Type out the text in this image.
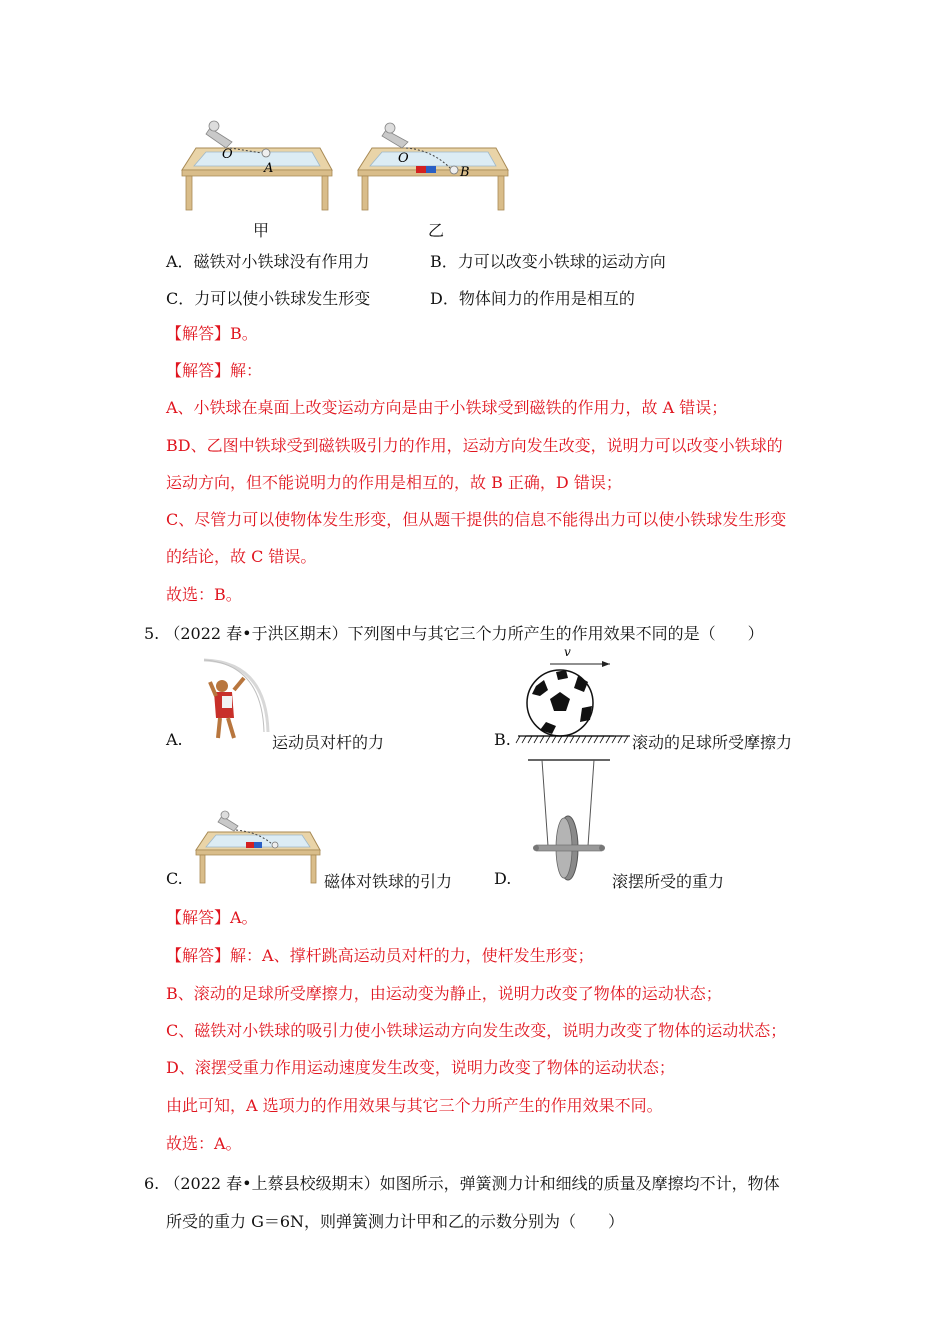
O
A
甲
O
B
乙
A．磁铁对小铁球没有作用力	B．力可以改变小铁球的运动方向
C．力可以使小铁球发生形变	D．物体间力的作用是相互的
【解答】B。
【解答】解：
A、小铁球在桌面上改变运动方向是由于小铁球受到磁铁的作用力，故 A 错误；
BD、乙图中铁球受到磁铁吸引力的作用，运动方向发生改变，说明力可以改变小铁球的
运动方向，但不能说明力的作用是相互的，故 B 正确，D 错误；
C、尽管力可以使物体发生形变，但从题干提供的信息不能得出力可以使小铁球发生形变
的结论，故 C 错误。
故选：B。
5. （2022 春•于洪区期末）下列图中与其它三个力所产生的作用效果不同的是（　　）
A.	运动员对杆的力
v
B.	滚动的足球所受摩擦力
C.	磁体对铁球的引力	D.	滚摆所受的重力
【解答】A。
【解答】解：A、撑杆跳高运动员对杆的力，使杆发生形变；
B、滚动的足球所受摩擦力，由运动变为静止，说明力改变了物体的运动状态；
C、磁铁对小铁球的吸引力使小铁球运动方向发生改变，说明力改变了物体的运动状态；
D、滚摆受重力作用运动速度发生改变，说明力改变了物体的运动状态；
由此可知，A 选项力的作用效果与其它三个力所产生的作用效果不同。
故选：A。
6. （2022 春•上蔡县校级期末）如图所示，弹簧测力计和细线的质量及摩擦均不计，物体
所受的重力 G＝6N，则弹簧测力计甲和乙的示数分别为（　　）
